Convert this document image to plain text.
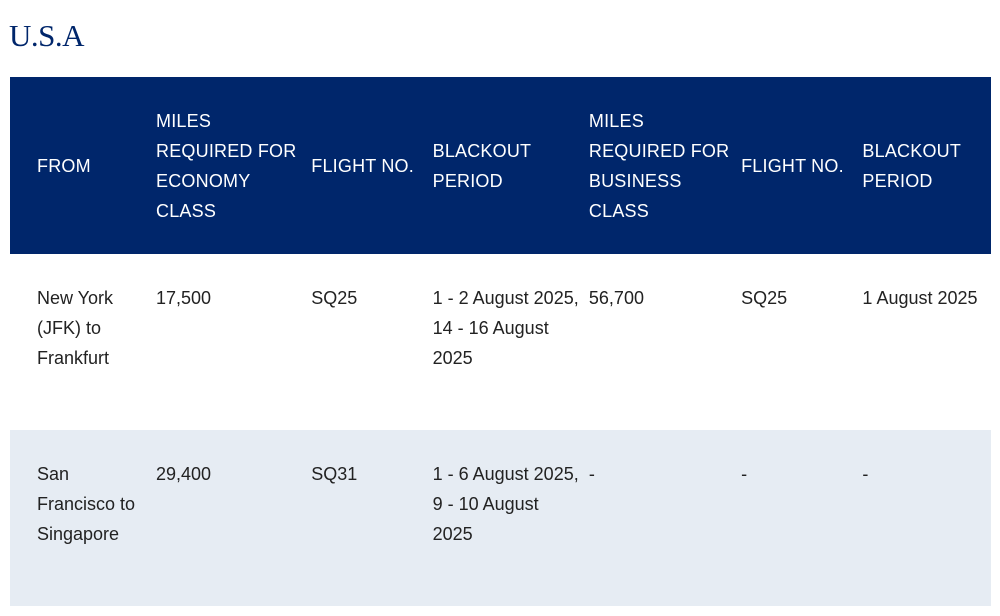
U.S.A
FROM	MILES REQUIRED FOR ECONOMY CLASS	FLIGHT NO.	BLACKOUT PERIOD	MILES REQUIRED FOR BUSINESS CLASS	FLIGHT NO.	BLACKOUT PERIOD
New York (JFK) to Frankfurt	17,500	SQ25	1 - 2 August 2025, 14 - 16 August 2025	56,700	SQ25	1 August 2025
San Francisco to Singapore	29,400	SQ31	1 - 6 August 2025, 9 - 10 August 2025	-	-	-
